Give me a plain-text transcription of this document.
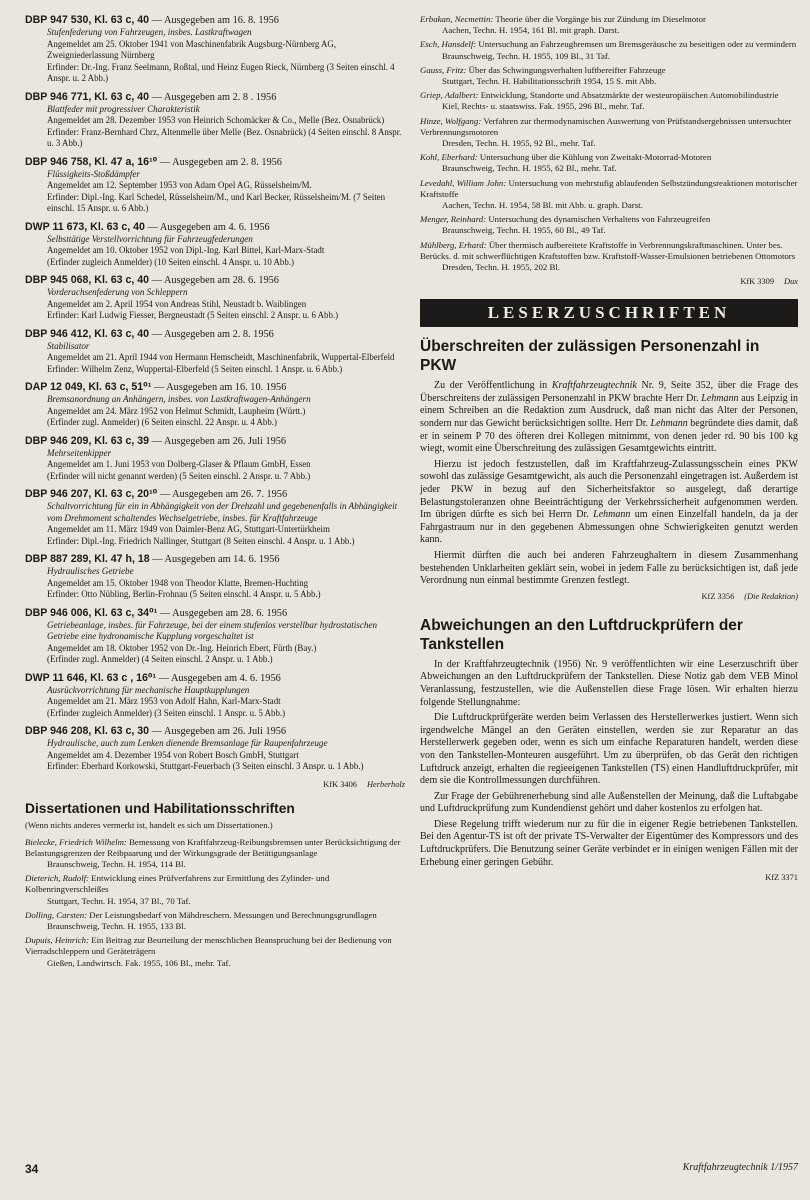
DBP 947 530, Kl. 63 c, 40 — Ausgegeben am 16. 8. 1956
Stufenfederung von Fahrzeugen, insbes. Lastkraftwagen
Angemeldet am 25. Oktober 1941 von Maschinenfabrik Augsburg-Nürnberg AG, Zweigniederlassung Nürnberg
Erfinder: Dr.-Ing. Franz Seelmann, Roßtal, und Heinz Eugen Rieck, Nürnberg (3 Seiten einschl. 4 Anspr. u. 2 Abb.)
DBP 946 771, Kl. 63 c, 40 — Ausgegeben am 2. 8 . 1956
Blattfeder mit progressiver Charakteristik
Angemeldet am 28. Dezember 1953 von Heinrich Schomäcker & Co., Melle (Bez. Osnabrück)
Erfinder: Franz-Bernhard Chrz, Altenmelle über Melle (Bez. Osnabrück) (4 Seiten einschl. 8 Anspr. u. 3 Abb.)
DBP 946 758, Kl. 47 a, 16¹⁰ — Ausgegeben am 2. 8. 1956
Flüssigkeits-Stoßdämpfer
Angemeldet am 12. September 1953 von Adam Opel AG, Rüsselsheim/M.
Erfinder: Dipl.-Ing. Karl Schedel, Rüsselsheim/M., und Karl Becker, Rüsselsheim/M. (7 Seiten einschl. 15 Anspr. u. 6 Abb.)
DWP 11 673, Kl. 63 c, 40 — Ausgegeben am 4. 6. 1956
Selbsttätige Verstellvorrichtung für Fahrzeugfederungen
Angemeldet am 10. Oktober 1952 von Dipl.-Ing. Karl Bittel, Karl-Marx-Stadt
(Erfinder zugleich Anmelder) (10 Seiten einschl. 4 Anspr. u. 10 Abb.)
DBP 945 068, Kl. 63 c, 40 — Ausgegeben am 28. 6. 1956
Vorderachsenfederung von Schleppern
Angemeldet am 2. April 1954 von Andreas Stihl, Neustadt b. Waiblingen
Erfinder: Karl Ludwig Fiesser, Bergneustadt (5 Seiten einschl. 2 Anspr. u. 6 Abb.)
DBP 946 412, Kl. 63 c, 40 — Ausgegeben am 2. 8. 1956
Stabilisator
Angemeldet am 21. April 1944 von Hermann Hemscheidt, Maschinenfabrik, Wuppertal-Elberfeld
Erfinder: Wilhelm Zenz, Wuppertal-Elberfeld (5 Seiten einschl. 1 Anspr. u. 6 Abb.)
DAP 12 049, Kl. 63 c, 51⁰¹ — Ausgegeben am 16. 10. 1956
Bremsanordnung an Anhängern, insbes. von Lastkraftwagen-Anhängern
Angemeldet am 24. März 1952 von Helmut Schmidt, Laupheim (Württ.)
(Erfinder zugl. Anmelder) (6 Seiten einschl. 22 Anspr. u. 4 Abb.)
DBP 946 209, Kl. 63 c, 39 — Ausgegeben am 26. Juli 1956
Mehrseitenkipper
Angemeldet am 1. Juni 1953 von Dolberg-Glaser & Pflaum GmbH, Essen
(Erfinder will nicht genannt werden) (5 Seiten einschl. 2 Anspr. u. 7 Abb.)
DBP 946 207, Kl. 63 c, 20¹⁰ — Ausgegeben am 26. 7. 1956
Schaltvorrichtung für ein in Abhängigkeit von der Drehzahl und gegebenenfalls in Abhängigkeit vom Drehmoment schaltendes Wechselgetriebe, insbes. für Kraftfahrzeuge
Angemeldet am 11. März 1949 von Daimler-Benz AG, Stuttgart-Untertürkheim
Erfinder: Dipl.-Ing. Friedrich Nallinger, Stuttgart (8 Seiten einschl. 4 Anspr. u. 1 Abb.)
DBP 887 289, Kl. 47 h, 18 — Ausgegeben am 14. 6. 1956
Hydraulisches Getriebe
Angemeldet am 15. Oktober 1948 von Theodor Klatte, Bremen-Huchting
Erfinder: Otto Nübling, Berlin-Frohnau (5 Seiten einschl. 4 Anspr. u. 5 Abb.)
DBP 946 006, Kl. 63 c, 34⁰¹ — Ausgegeben am 28. 6. 1956
Getriebeanlage, insbes. für Fahrzeuge, bei der einem stufenlos verstellbar hydrostatischen Getriebe eine hydronamische Kupplung vorgeschaltet ist
Angemeldet am 18. Oktober 1952 von Dr.-Ing. Heinrich Ebert, Fürth (Bay.)
(Erfinder zugl. Anmelder) (4 Seiten einschl. 2 Anspr. u. 1 Abb.)
DWP 11 646, Kl. 63 c , 16⁰¹ — Ausgegeben am 4. 6. 1956
Ausrückvorrichtung für mechanische Hauptkupplungen
Angemeldet am 21. März 1953 von Adolf Hahn, Karl-Marx-Stadt
(Erfinder zugleich Anmelder) (3 Seiten einschl. 1 Anspr. u. 5 Abb.)
DBP 946 208, Kl. 63 c, 30 — Ausgegeben am 26. Juli 1956
Hydraulische, auch zum Lenken dienende Bremsanlage für Raupenfahrzeuge
Angemeldet am 4. Dezember 1954 von Robert Bosch GmbH, Stuttgart
Erfinder: Eberhard Korkowski, Stuttgart-Feuerbach (3 Seiten einschl. 3 Anspr. u. 1 Abb.)
KfK 3406 Herberholz
Dissertationen und Habilitationsschriften
(Wenn nichts anderes vermerkt ist, handelt es sich um Dissertationen.)
Bielecke, Friedrich Wilhelm: Bemessung von Kraftfahrzeug-Reibungsbremsen unter Berücksichtigung der Belastungsgrenzen der Reibpaarung und der Wirkungsgrade der Betätigungsanlage
Braunschweig, Techn. H. 1954, 114 Bl.
Dieterich, Rudolf: Entwicklung eines Prüfverfahrens zur Ermittlung des Zylinder- und Kolbenringverschleißes
Stuttgart, Techn. H. 1954, 37 Bl., 70 Taf.
Dolling, Carsten: Der Leistungsbedarf von Mähdreschern. Messungen und Berechnungsgrundlagen
Braunschweig, Techn. H. 1955, 133 Bl.
Dupuis, Heinrich: Ein Beitrag zur Beurteilung der menschlichen Beanspruchung bei der Bedienung von Vierradschleppern und Geräteträgern
Gießen, Landwirtsch. Fak. 1955, 106 Bl., mehr. Taf.
Erbakan, Necmettin: Theorie über die Vorgänge bis zur Zündung im Dieselmotor
Aachen, Techn. H. 1954, 161 Bl. mit graph. Darst.
Esch, Hansdelf: Untersuchung an Fahrzeugbremsen um Bremsgeräusche zu beseitigen oder zu vermindern
Braunschweig, Techn. H. 1955, 109 Bl., 31 Taf.
Gauss, Fritz: Über das Schwingungsverhalten luftbereifter Fahrzeuge
Stuttgart, Techn. H. Habilitationsschrift 1954, 15 S. mit Abb.
Griep, Adalbert: Entwicklung, Standorte und Absatzmärkte der westeuropäischen Automobilindustrie
Kiel, Rechts- u. staatswiss. Fak. 1955, 296 Bl., mehr. Taf.
Hinze, Wolfgang: Verfahren zur thermodynamischen Auswertung von Prüfstandsergebnissen untersuchter Verbrennungsmotoren
Dresden, Techn. H. 1955, 92 Bl., mehr. Taf.
Kohl, Eberhard: Untersuchung über die Kühlung von Zweitakt-Motorrad-Motoren
Braunschweig, Techn. H. 1955, 62 Bl., mehr. Taf.
Levedahl, William John: Untersuchung von mehrstufig ablaufenden Selbstzündungsreaktionen motorischer Kraftstoffe
Aachen, Techn. H. 1954, 58 Bl. mit Abb. u. graph. Darst.
Menger, Reinhard: Untersuchung des dynamischen Verhaltens von Fahrzeugreifen
Braunschweig, Techn. H. 1955, 60 Bl., 49 Taf.
Mühlberg, Erhard: Über thermisch aufbereitete Kraftstoffe in Verbrennungskraftmaschinen. Unter bes. Berücks. d. mit schwerflüchtigen Kraftstoffen bzw. Kraftstoff-Wasser-Emulsionen betriebenen Ottomotors
Dresden, Techn. H. 1955, 202 Bl.
KfK 3309 Dux
LESERZUSCHRIFTEN
Überschreiten der zulässigen Personenzahl in PKW

Zu der Veröffentlichung in Kraftfahrzeugtechnik Nr. 9, Seite 352, über die Frage des Überschreitens der zulässigen Personenzahl in PKW brachte Herr Dr. Lehmann aus Leipzig in einem Schreiben an die Redaktion zum Ausdruck, daß man nicht das Alter der Personen, sondern nur das Gewicht berücksichtigen sollte. Herr Dr. Lehmann begründete dies damit, daß er in seinem P 70 des öfteren drei Kollegen mitnimmt, von denen jeder rd. 90 bis 100 kg wiegt, womit eine Überschreitung des zulässigen Gesamtgewichts eintritt.

Hierzu ist jedoch festzustellen, daß im Kraftfahrzeug-Zulassungsschein eines PKW sowohl das zulässige Gesamtgewicht, als auch die Personenzahl eingetragen ist. Außerdem ist jeder PKW in bezug auf den Sicherheitsfaktor so ausgelegt, daß derartige Belastungstoleranzen ohne Beeinträchtigung der Verkehrssicherheit aufgenommen werden. Im übrigen dürfte es sich bei Herrn Dr. Lehmann um einen Einzelfall handeln, da ja der Fahrgastraum nur in den gegebenen Abmessungen ohne Schwierigkeiten genutzt werden kann.

Hiermit dürften die auch bei anderen Fahrzeughaltern in diesem Zusammenhang bestehenden Unklarheiten geklärt sein, wobei in jedem Falle zu berücksichtigen ist, daß jede Verordnung nun einmal bestimmte Grenzen festlegt.

KfZ 3356 (Die Redaktion)
Abweichungen an den Luftdruckprüfern der Tankstellen

In der Kraftfahrzeugtechnik (1956) Nr. 9 veröffentlichten wir eine Leserzuschrift über Abweichungen an den Luftdruckprüfern der Tankstellen. Diese Notiz gab dem VEB Minol Veranlassung, festzustellen, wie die Außenstellen diese Frage lösen. Wir erhalten hierzu folgende Stellungnahme:

Die Luftdruckprüfgeräte werden beim Verlassen des Herstellerwerkes justiert. Wenn sich irgendwelche Mängel an den Geräten einstellen, werden sie zur Reparatur an das Herstellerwerk gegeben oder, wenn es sich um einfache Reparaturen handelt, werden diese von den Tankstellen-Monteuren ausgeführt. Um zu überprüfen, ob das Gerät den richtigen Luftdruck anzeigt, erhalten die regieeigenen Tankstellen (TS) einen Handluftdruckprüfer, mit dem sie die Kontrollmessungen durchführen.

Zur Frage der Gebührenerhebung sind alle Außenstellen der Meinung, daß die Luftabgabe und Luftdruckprüfung zum Kundendienst gehört und daher kostenlos zu erfolgen hat.

Diese Regelung trifft wiederum nur zu für die in eigener Regie betriebenen Tankstellen. Bei den Agentur-TS ist oft der private TS-Verwalter der Eigentümer des Kompressors und des Luftdruckprüfers. Die Benutzung seiner Geräte verbindet er in einigen wenigen Fällen mit der Erhebung einer geringen Gebühr.

KfZ 3371
34	Kraftfahrzeugtechnik 1/1957
